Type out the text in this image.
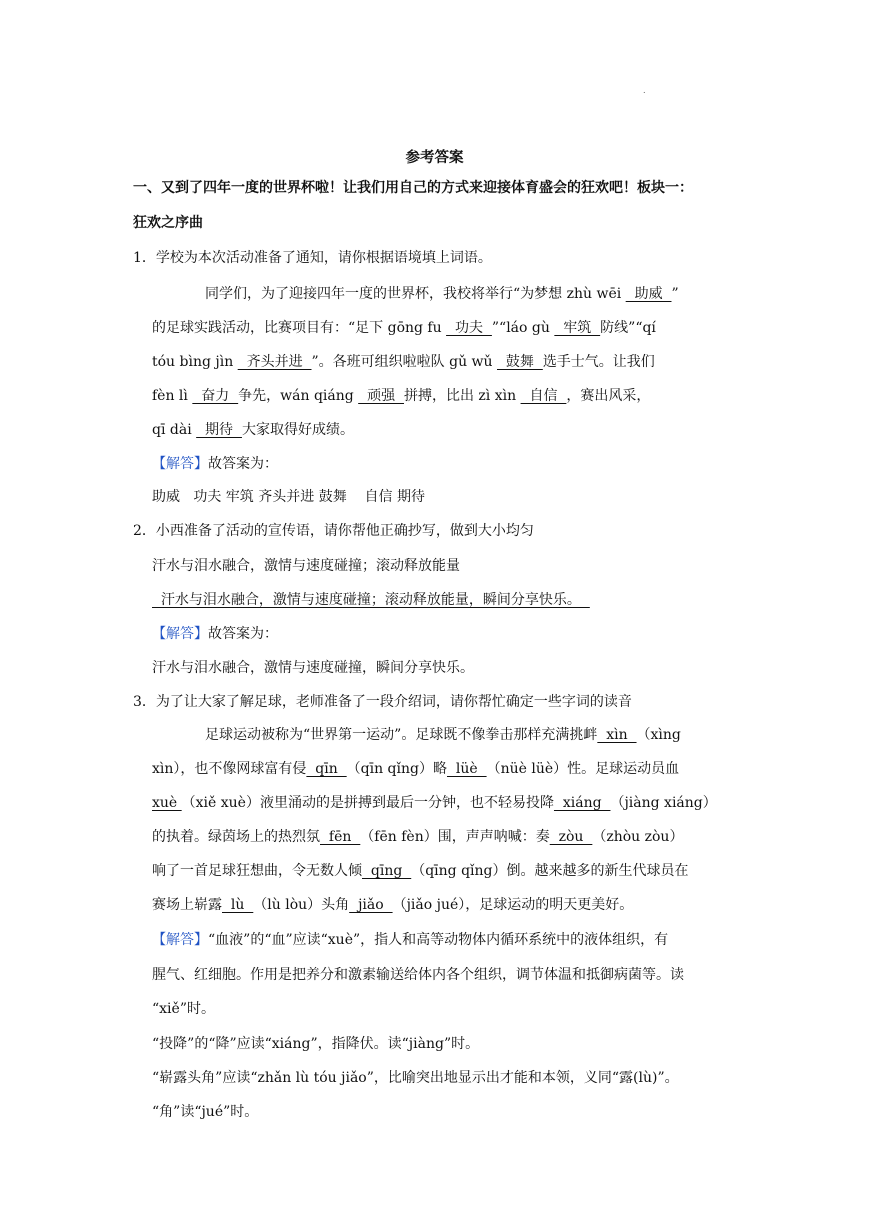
.
参考答案
一、又到了四年一度的世界杯啦！让我们用自己的方式来迎接体育盛会的狂欢吧！板块一：
狂欢之序曲
1．学校为本次活动准备了通知，请你根据语境填上词语。
同学们，为了迎接四年一度的世界杯，我校将举行“为梦想 zhù wēi   助威  ”
的足球实践活动，比赛项目有：“足下 gōng fu   功夫  ”“láo gù   牢筑  防线”“qí
tóu bìng jìn   齐头并进  ”。各班可组织啦啦队 gǔ wǔ   鼓舞  选手士气。让我们
fèn lì   奋力  争先，wán qiáng   顽强  拼搏，比出 zì xìn   自信  ，赛出风采，
qī dài   期待  大家取得好成绩。
【解答】故答案为：
助威   功夫 牢筑 齐头并进 鼓舞    自信 期待
2．小西准备了活动的宣传语，请你帮他正确抄写，做到大小均匀
汗水与泪水融合，激情与速度碰撞；滚动释放能量
汗水与泪水融合，激情与速度碰撞；滚动释放能量，瞬间分享快乐。
【解答】故答案为：
汗水与泪水融合，激情与速度碰撞，瞬间分享快乐。
3．为了让大家了解足球，老师准备了一段介绍词，请你帮忙确定一些字词的读音
足球运动被称为“世界第一运动”。足球既不像拳击那样充满挑衅  xìn  （xìng
xìn），也不像网球富有侵  qīn  （qīn qǐng）略  lüè  （nüè lüè）性。足球运动员血
xuè （xiě xuè）液里涌动的是拼搏到最后一分钟，也不轻易投降  xiáng  （jiàng xiáng）
的执着。绿茵场上的热烈氛  fēn  （fēn fèn）围，声声呐喊：奏  zòu  （zhòu zòu）
响了一首足球狂想曲，令无数人倾  qīng  （qīng qǐng）倒。越来越多的新生代球员在
赛场上崭露  lù  （lù lòu）头角  jiǎo  （jiǎo jué），足球运动的明天更美好。
【解答】“血液”的“血”应读“xuè”，指人和高等动物体内循环系统中的液体组织，有
腥气、红细胞。作用是把养分和激素输送给体内各个组织，调节体温和抵御病菌等。读
“xiě”时。
“投降”的“降”应读“xiáng”，指降伏。读“jiàng”时。
“崭露头角”应读“zhǎn lù tóu jiǎo”，比喻突出地显示出才能和本领，义同“露(lù)”。
“角”读“jué”时。
